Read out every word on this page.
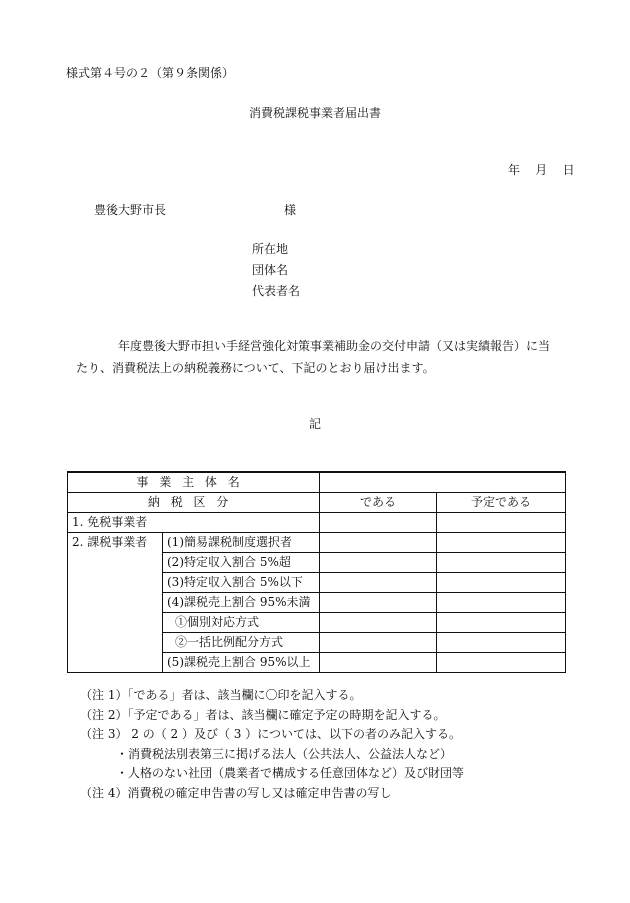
様式第４号の２（第９条関係）
消費税課税事業者届出書
年 月 日
豊後大野市長	様
所在地
団体名
代表者名
年度豊後大野市担い手経営強化対策事業補助金の交付申請（又は実績報告）に当
たり、消費税法上の納税義務について、下記のとおり届け出ます。
記
事業主体名			
納税区分		である	予定である
1. 免税事業者			
2. 課税事業者	(1)簡易課税制度選択者		
	(2)特定収入割合 5%超		
	(3)特定収入割合 5%以下		
	(4)課税売上割合 95%未満		
	①個別対応方式		
	②一括比例配分方式		
	(5)課税売上割合 95%以上		
（注 1）「である」者は、該当欄に〇印を記入する。
（注 2）「予定である」者は、該当欄に確定予定の時期を記入する。
（注 3） 2 の（ 2 ）及び（ 3 ）については、以下の者のみ記入する。
・消費税法別表第三に掲げる法人（公共法人、公益法人など）
・人格のない社団（農業者で構成する任意団体など）及び財団等
（注 4）消費税の確定申告書の写し又は確定申告書の写し
